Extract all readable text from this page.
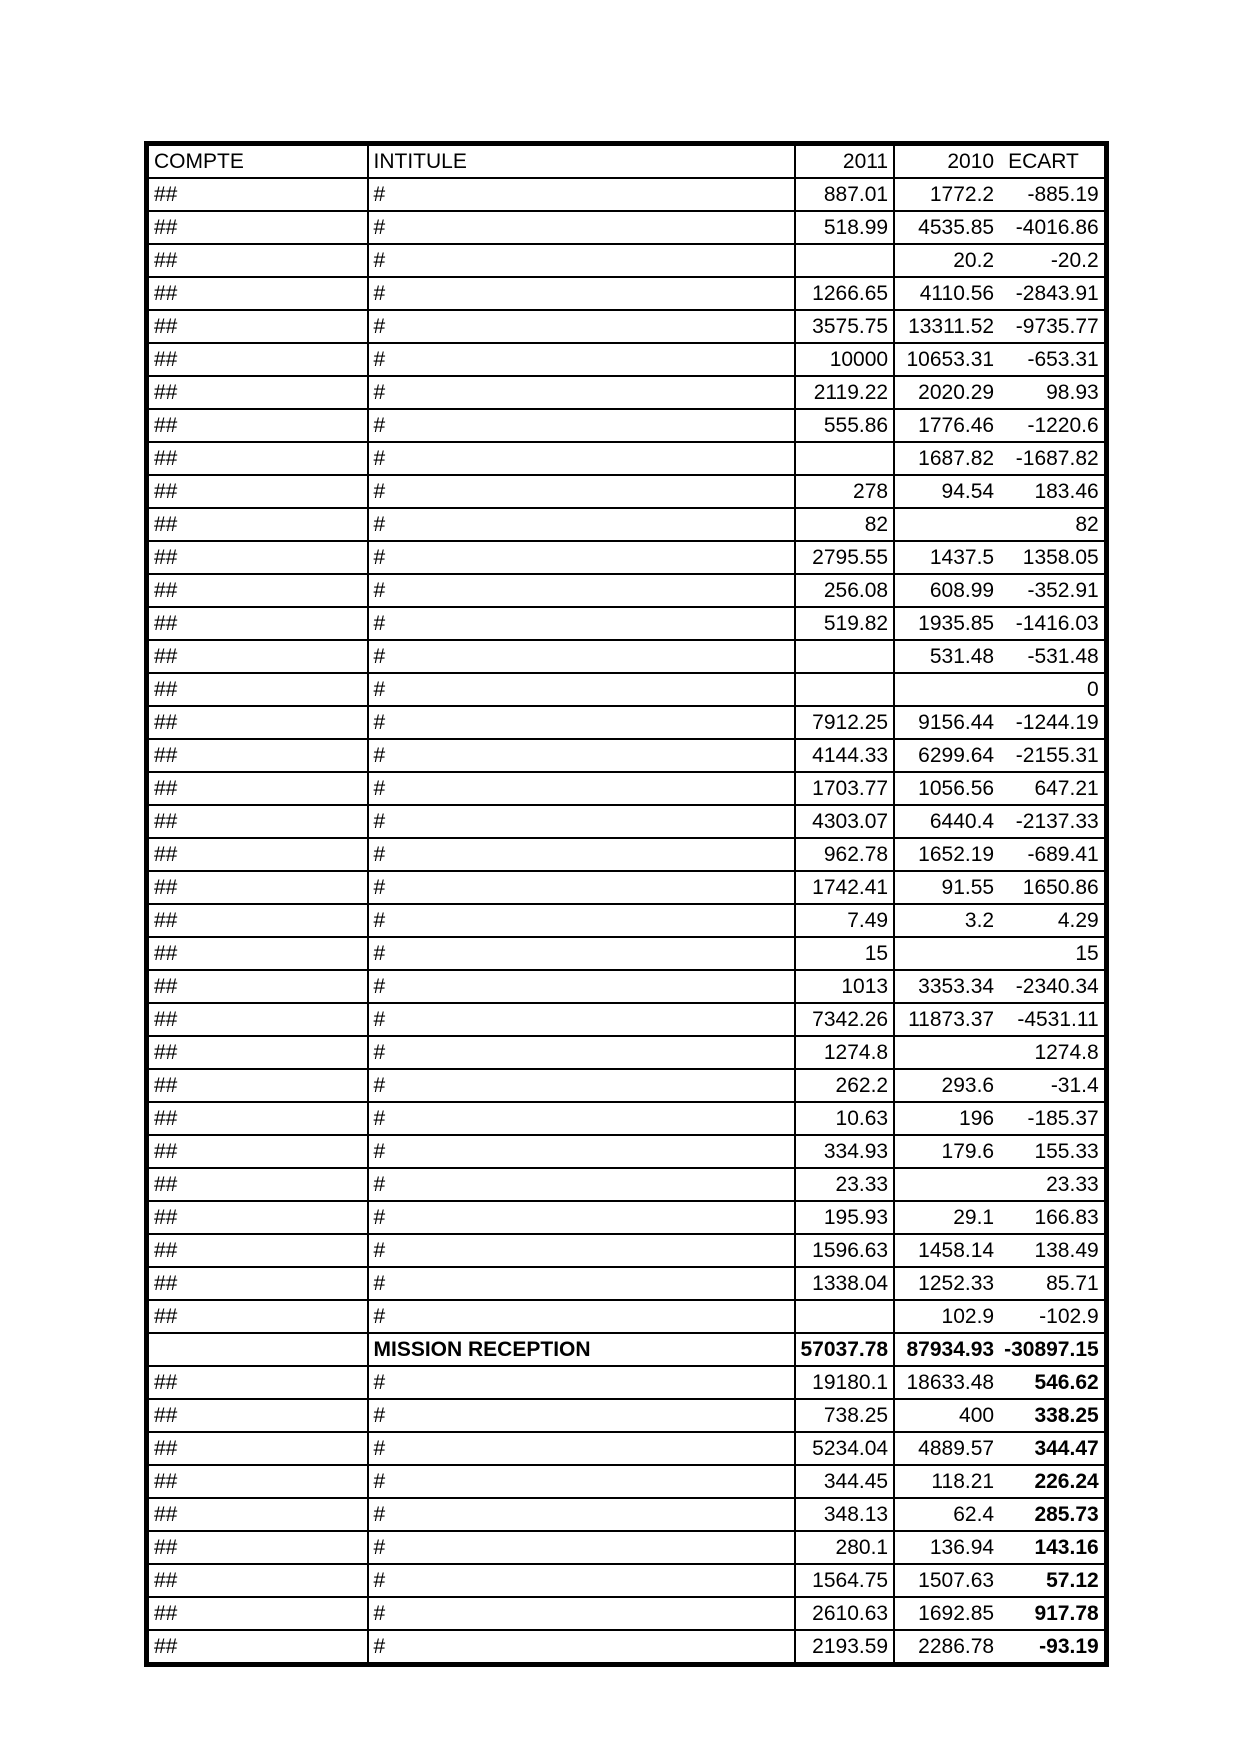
COMPTE	INTITULE	2011	2010	ECART
##	#	887.01	1772.2	-885.19
##	#	518.99	4535.85	-4016.86
##	#		20.2	-20.2
##	#	1266.65	4110.56	-2843.91
##	#	3575.75	13311.52	-9735.77
##	#	10000	10653.31	-653.31
##	#	2119.22	2020.29	98.93
##	#	555.86	1776.46	-1220.6
##	#		1687.82	-1687.82
##	#	278	94.54	183.46
##	#	82		82
##	#	2795.55	1437.5	1358.05
##	#	256.08	608.99	-352.91
##	#	519.82	1935.85	-1416.03
##	#		531.48	-531.48
##	#			0
##	#	7912.25	9156.44	-1244.19
##	#	4144.33	6299.64	-2155.31
##	#	1703.77	1056.56	647.21
##	#	4303.07	6440.4	-2137.33
##	#	962.78	1652.19	-689.41
##	#	1742.41	91.55	1650.86
##	#	7.49	3.2	4.29
##	#	15		15
##	#	1013	3353.34	-2340.34
##	#	7342.26	11873.37	-4531.11
##	#	1274.8		1274.8
##	#	262.2	293.6	-31.4
##	#	10.63	196	-185.37
##	#	334.93	179.6	155.33
##	#	23.33		23.33
##	#	195.93	29.1	166.83
##	#	1596.63	1458.14	138.49
##	#	1338.04	1252.33	85.71
##	#		102.9	-102.9
	MISSION RECEPTION	57037.78	87934.93	-30897.15
##	#	19180.1	18633.48	546.62
##	#	738.25	400	338.25
##	#	5234.04	4889.57	344.47
##	#	344.45	118.21	226.24
##	#	348.13	62.4	285.73
##	#	280.1	136.94	143.16
##	#	1564.75	1507.63	57.12
##	#	2610.63	1692.85	917.78
##	#	2193.59	2286.78	-93.19
